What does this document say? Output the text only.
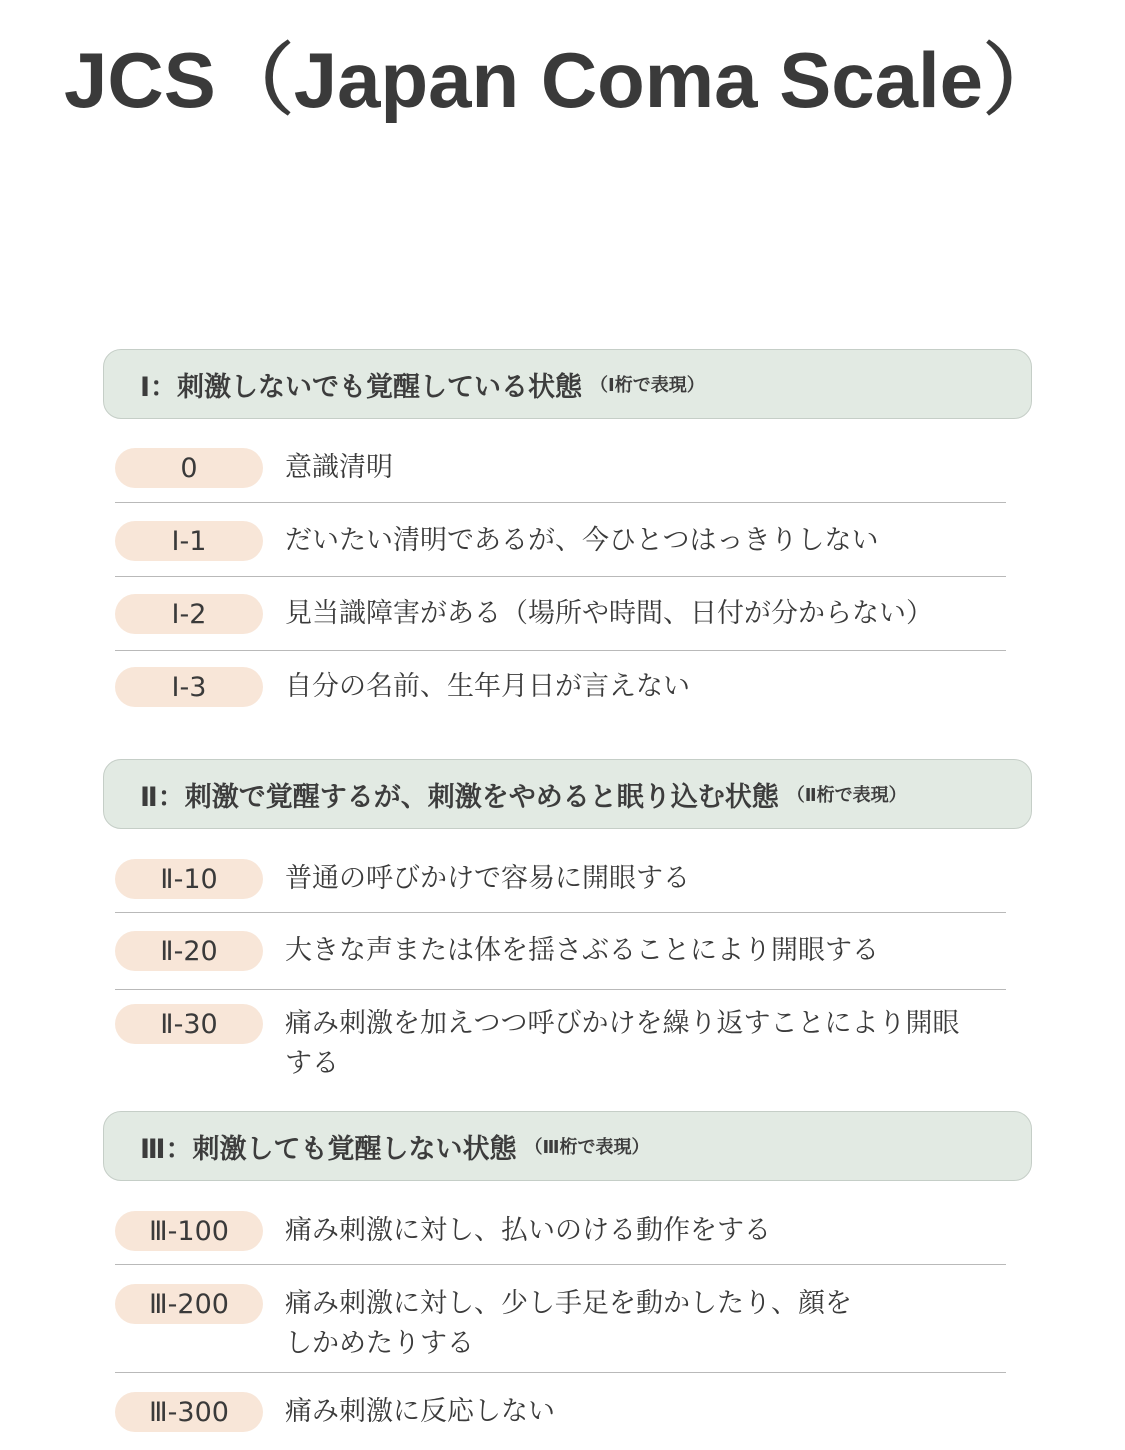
JCS（Japan Coma Scale）
Ⅰ：刺激しないでも覚醒している状態 （Ⅰ桁で表現）
0	意識清明
Ⅰ-1	だいたい清明であるが、今ひとつはっきりしない
Ⅰ-2	見当識障害がある（場所や時間、日付が分からない）
Ⅰ-3	自分の名前、生年月日が言えない
Ⅱ：刺激で覚醒するが、刺激をやめると眠り込む状態 （Ⅱ桁で表現）
Ⅱ-10	普通の呼びかけで容易に開眼する
Ⅱ-20	大きな声または体を揺さぶることにより開眼する
Ⅱ-30	痛み刺激を加えつつ呼びかけを繰り返すことにより開眼する
Ⅲ：刺激しても覚醒しない状態 （Ⅲ桁で表現）
Ⅲ-100	痛み刺激に対し、払いのける動作をする
Ⅲ-200	痛み刺激に対し、少し手足を動かしたり、顔をしかめたりする
Ⅲ-300	痛み刺激に反応しない
